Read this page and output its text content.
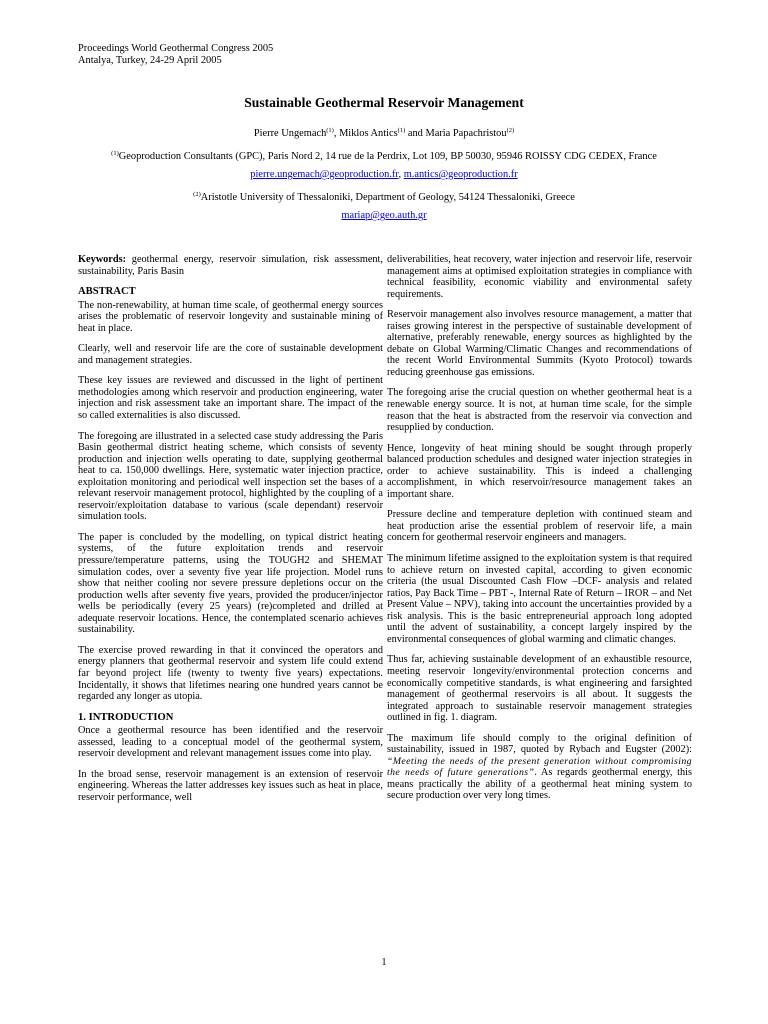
Proceedings World Geothermal Congress 2005
Antalya, Turkey, 24-29 April 2005
Sustainable Geothermal Reservoir Management
Pierre Ungemach$^{(1)}$, Miklos Antics$^{(1)}$ and Maria Papachristou$^{(2)}$
$^{(1)}$Geoproduction Consultants (GPC), Paris Nord 2, 14 rue de la Perdrix, Lot 109, BP 50030, 95946 ROISSY CDG CEDEX, France
pierre.ungemach@geoproduction.fr, m.antics@geoproduction.fr
$^{(2)}$Aristotle University of Thessaloniki, Department of Geology, 54124 Thessaloniki, Greece
mariap@geo.auth.gr

Keywords: geothermal energy, reservoir simulation, risk assessment, sustainability, Paris Basin

ABSTRACT

The non-renewability, at human time scale, of geothermal energy sources arises the problematic of reservoir longevity and sustainable mining of heat in place.

Clearly, well and reservoir life are the core of sustainable development and management strategies.

These key issues are reviewed and discussed in the light of pertinent methodologies among which reservoir and production engineering, water injection and risk assessment take an important share. The impact of the so called externalities is also discussed.

The foregoing are illustrated in a selected case study addressing the Paris Basin geothermal district heating scheme, which consists of seventy production and injection wells operating to date, supplying geothermal heat to ca. 150,000 dwellings. Here, systematic water injection practice, exploitation monitoring and periodical well inspection set the bases of a relevant reservoir management protocol, highlighted by the coupling of a reservoir/exploitation database to various (scale dependant) reservoir simulation tools.

The paper is concluded by the modelling, on typical district heating systems, of the future exploitation trends and reservoir pressure/temperature patterns, using the TOUGH2 and SHEMAT simulation codes, over a seventy five year life projection. Model runs show that neither cooling nor severe pressure depletions occur on the production wells after seventy five years, provided the producer/injector wells be periodically (every 25 years) (re)completed and drilled at adequate reservoir locations. Hence, the contemplated scenario achieves sustainability.

The exercise proved rewarding in that it convinced the operators and energy planners that geothermal reservoir and system life could extend far beyond project life (twenty to twenty five years) expectations. Incidentally, it shows that lifetimes nearing one hundred years cannot be regarded any longer as utopia.

1. INTRODUCTION

Once a geothermal resource has been identified and the reservoir assessed, leading to a conceptual model of the geothermal system, reservoir development and relevant management issues come into play.

In the broad sense, reservoir management is an extension of reservoir engineering. Whereas the latter addresses key issues such as heat in place, reservoir performance, well

deliverabilities, heat recovery, water injection and reservoir life, reservoir management aims at optimised exploitation strategies in compliance with technical feasibility, economic viability and environmental safety requirements.

Reservoir management also involves resource management, a matter that raises growing interest in the perspective of sustainable development of alternative, preferably renewable, energy sources as highlighted by the debate on Global Warming/Climatic Changes and recommendations of the recent World Environmental Summits (Kyoto Protocol) towards reducing greenhouse gas emissions.

The foregoing arise the crucial question on whether geothermal heat is a renewable energy source. It is not, at human time scale, for the simple reason that the heat is abstracted from the reservoir via convection and resupplied by conduction.

Hence, longevity of heat mining should be sought through properly balanced production schedules and designed water injection strategies in order to achieve sustainability. This is indeed a challenging accomplishment, in which reservoir/resource management takes an important share.

Pressure decline and temperature depletion with continued steam and heat production arise the essential problem of reservoir life, a main concern for geothermal reservoir engineers and managers.

The minimum lifetime assigned to the exploitation system is that required to achieve return on invested capital, according to given economic criteria (the usual Discounted Cash Flow –DCF- analysis and related ratios, Pay Back Time – PBT -, Internal Rate of Return – IROR – and Net Present Value – NPV), taking into account the uncertainties provided by a risk analysis. This is the basic entrepreneurial approach long adopted until the advent of sustainability, a concept largely inspired by the environmental consequences of global warming and climatic changes.

Thus far, achieving sustainable development of an exhaustible resource, meeting reservoir longevity/environmental protection concerns and economically competitive standards, is what engineering and farsighted management of geothermal reservoirs is all about. It suggests the integrated approach to sustainable reservoir management strategies outlined in fig. 1. diagram.

The maximum life should comply to the original definition of sustainability, issued in 1987, quoted by Rybach and Eugster (2002): “Meeting the needs of the present generation without compromising the needs of future generations”. As regards geothermal energy, this means practically the ability of a geothermal heat mining system to secure production over very long times.

1
